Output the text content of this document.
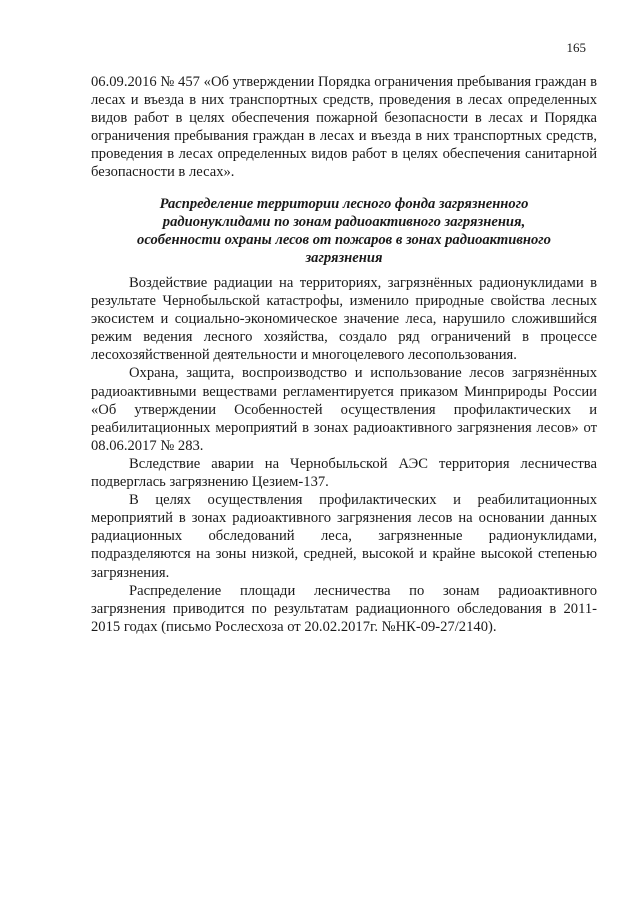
165

06.09.2016 № 457 «Об утверждении Порядка ограничения пребывания граждан в лесах и въезда в них транспортных средств, проведения в лесах определенных видов работ в целях обеспечения пожарной безопасности в лесах и Порядка ограничения пребывания граждан в лесах и въезда в них транспортных средств, проведения в лесах определенных видов работ в целях обеспечения санитарной безопасности в лесах».

Распределение территории лесного фонда загрязненного радионуклидами по зонам радиоактивного загрязнения, особенности охраны лесов от пожаров в зонах радиоактивного загрязнения

Воздействие радиации на территориях, загрязнённых радионуклидами в результате Чернобыльской катастрофы, изменило природные свойства лесных экосистем и социально-экономическое значение леса, нарушило сложившийся режим ведения лесного хозяйства, создало ряд ограничений в процессе лесохозяйственной деятельности и многоцелевого лесопользования.

Охрана, защита, воспроизводство и использование лесов загрязнённых радиоактивными веществами регламентируется приказом Минприроды России «Об утверждении Особенностей осуществления профилактических и реабилитационных мероприятий в зонах радиоактивного загрязнения лесов» от 08.06.2017 № 283.

Вследствие аварии на Чернобыльской АЭС территория лесничества подверглась загрязнению Цезием-137.

В целях осуществления профилактических и реабилитационных мероприятий в зонах радиоактивного загрязнения лесов на основании данных радиационных обследований леса, загрязненные радионуклидами, подразделяются на зоны низкой, средней, высокой и крайне высокой степенью загрязнения.

Распределение площади лесничества по зонам радиоактивного загрязнения приводится по результатам радиационного обследования в 2011-2015 годах (письмо Рослесхоза от 20.02.2017г. №НК-09-27/2140).
